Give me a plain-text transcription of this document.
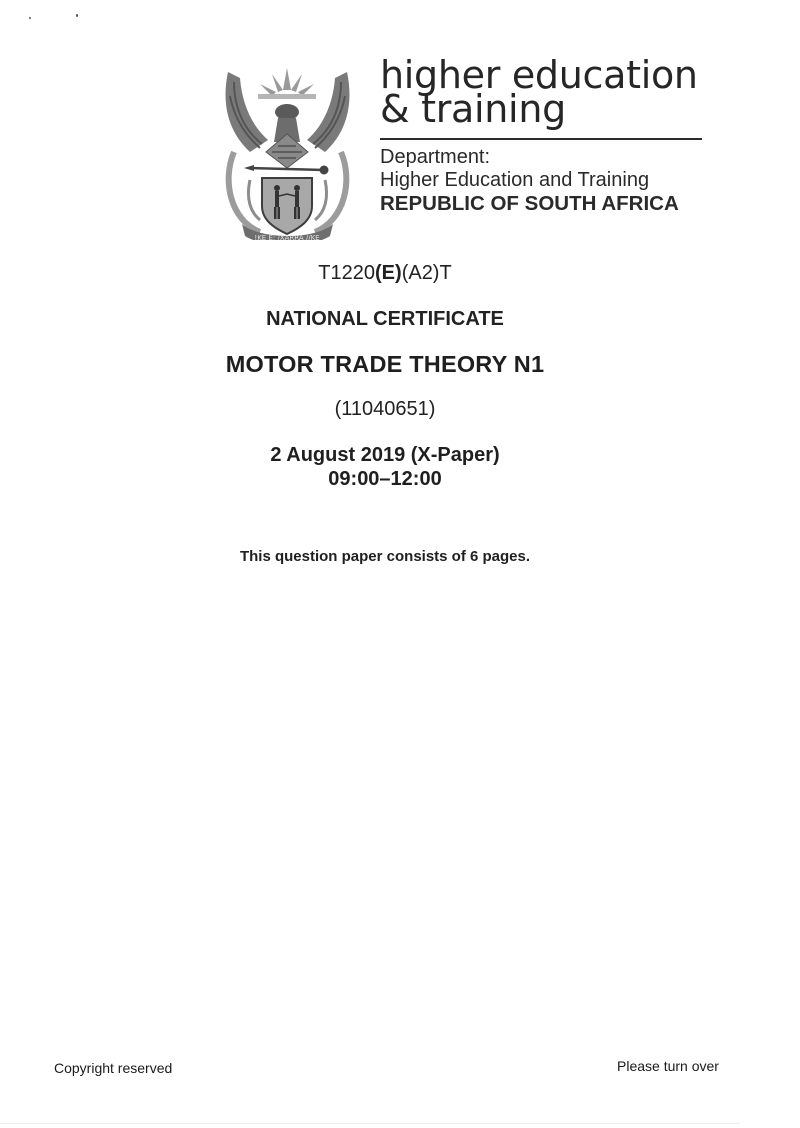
!KE E: /XARRA //KE
higher education
& training
Department:
Higher Education and Training
REPUBLIC OF SOUTH AFRICA
T1220(E)(A2)T
NATIONAL CERTIFICATE
MOTOR TRADE THEORY N1
(11040651)
2 August 2019 (X-Paper)
09:00–12:00
This question paper consists of 6 pages.
Copyright reserved	Please turn over
